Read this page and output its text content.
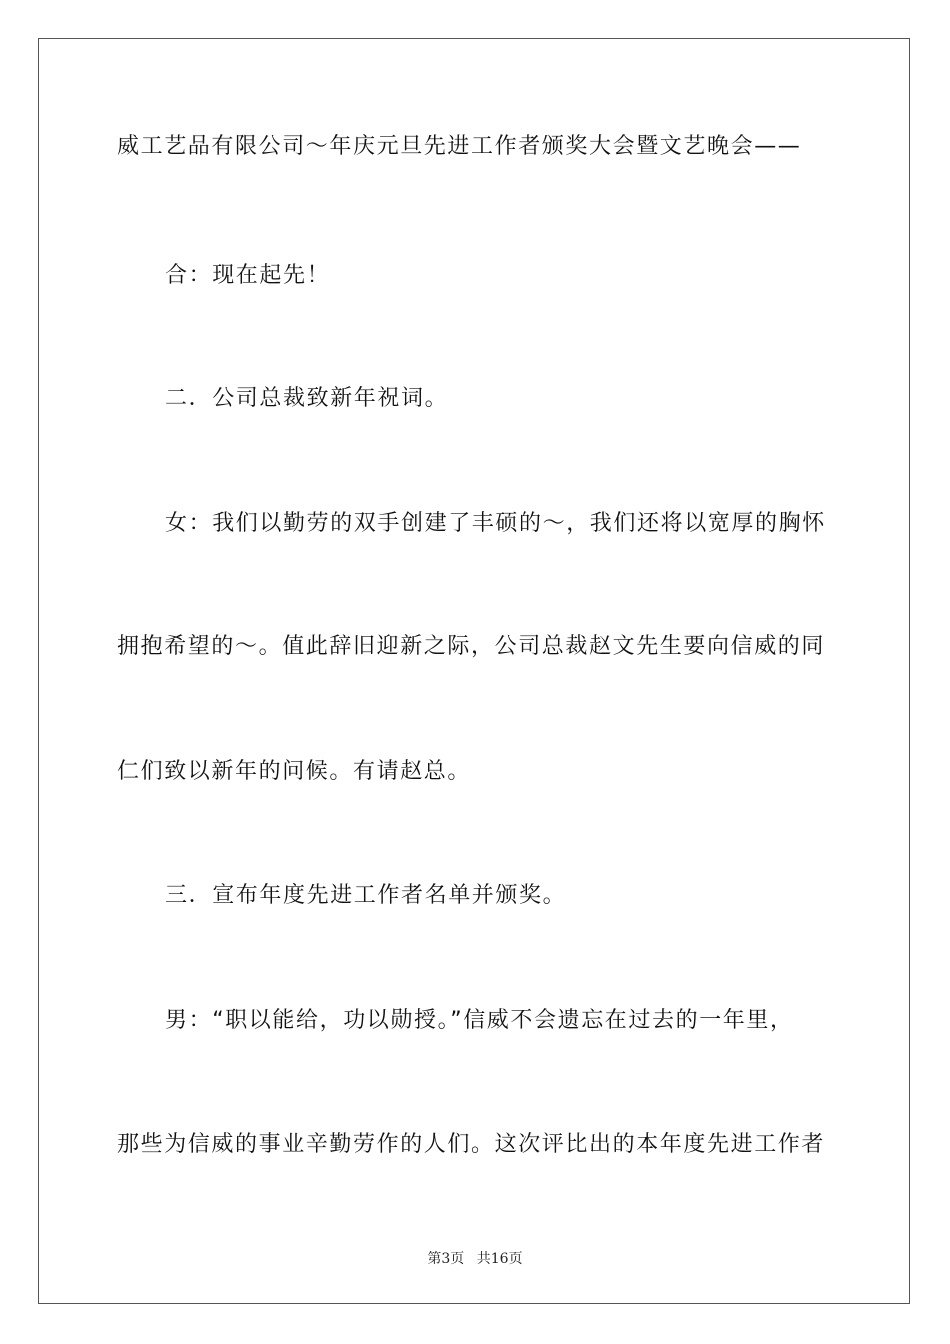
威工艺品有限公司～年庆元旦先进工作者颁奖大会暨文艺晚会——
合：现在起先！
二．公司总裁致新年祝词。
女：我们以勤劳的双手创建了丰硕的～，我们还将以宽厚的胸怀
拥抱希望的～。值此辞旧迎新之际，公司总裁赵文先生要向信威的同
仁们致以新年的问候。有请赵总。
三．宣布年度先进工作者名单并颁奖。
男：“职以能给，功以勋授。”信威不会遗忘在过去的一年里，
那些为信威的事业辛勤劳作的人们。这次评比出的本年度先进工作者
第3页 共16页
